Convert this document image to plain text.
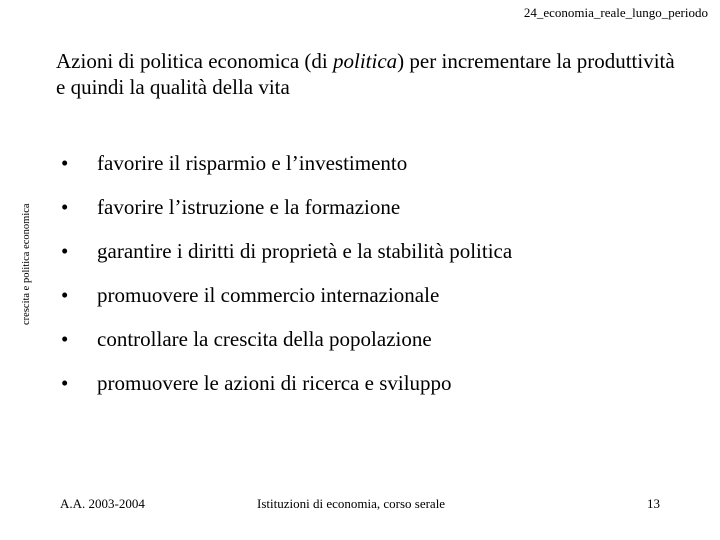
24_economia_reale_lungo_periodo
crescita e politica economica
Azioni di politica economica (di politica) per incrementare la produttività e quindi la qualità della vita
•	favorire il risparmio e l’investimento
•	favorire l’istruzione e la formazione
•	garantire i diritti di proprietà e la stabilità politica
•	promuovere il commercio internazionale
•	controllare la crescita della popolazione
•	promuovere le azioni di ricerca e sviluppo
A.A. 2003-2004	Istituzioni di economia, corso serale	13
